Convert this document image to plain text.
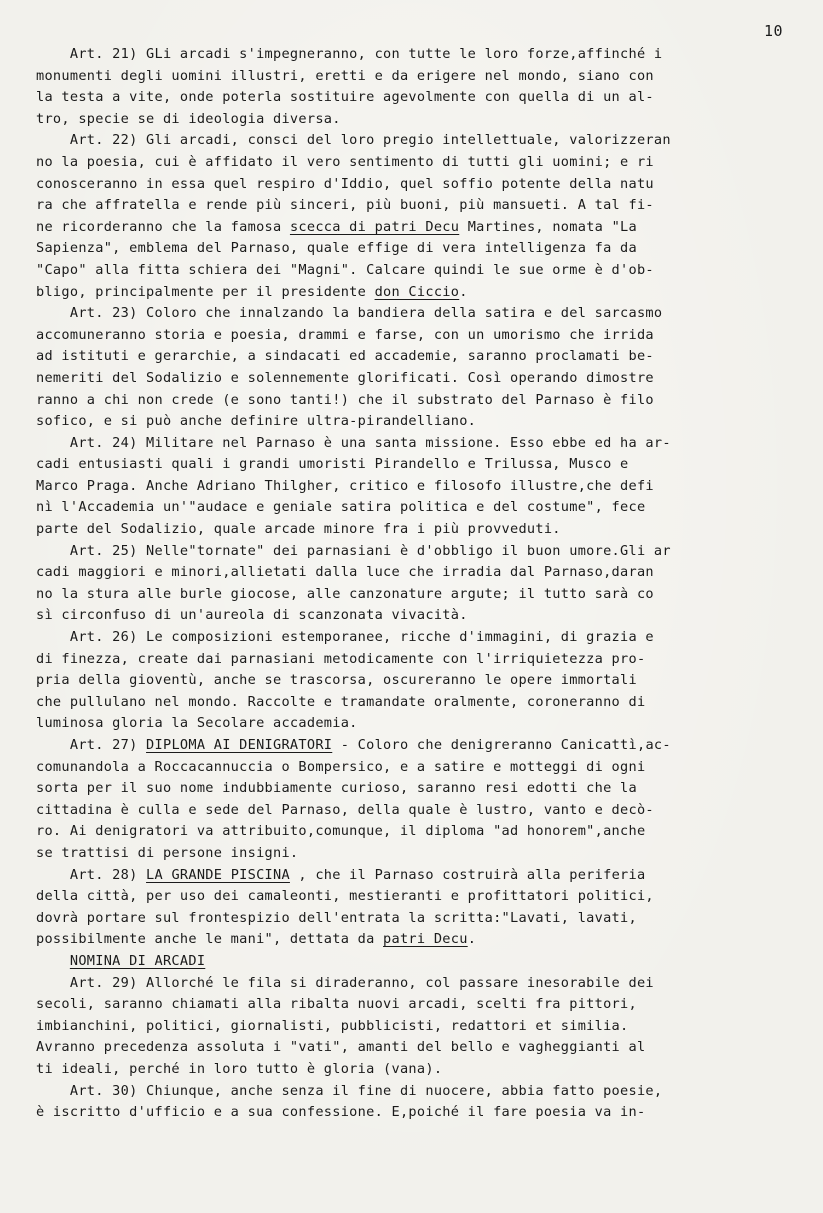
10
Art. 21) GLi arcadi s'impegneranno, con tutte le loro forze,affinché i
monumenti degli uomini illustri, eretti e da erigere nel mondo, siano con
la testa a vite, onde poterla sostituire agevolmente con quella di un al-
tro, specie se di ideologia diversa.
Art. 22) Gli arcadi, consci del loro pregio intellettuale, valorizzeran
no la poesia, cui è affidato il vero sentimento di tutti gli uomini; e ri
conosceranno in essa quel respiro d'Iddio, quel soffio potente della natu
ra che affratella e rende più sinceri, più buoni, più mansueti. A tal fi-
ne ricorderanno che la famosa scecca di patri Decu Martines, nomata "La
Sapienza", emblema del Parnaso, quale effige di vera intelligenza fa da
"Capo" alla fitta schiera dei "Magni". Calcare quindi le sue orme è d'ob-
bligo, principalmente per il presidente don Ciccio.
Art. 23) Coloro che innalzando la bandiera della satira e del sarcasmo
accomuneranno storia e poesia, drammi e farse, con un umorismo che irrida
ad istituti e gerarchie, a sindacati ed accademie, saranno proclamati be-
nemeriti del Sodalizio e solennemente glorificati. Così operando dimostre
ranno a chi non crede (e sono tanti!) che il substrato del Parnaso è filo
sofico, e si può anche definire ultra-pirandelliano.
Art. 24) Militare nel Parnaso è una santa missione. Esso ebbe ed ha ar-
cadi entusiasti quali i grandi umoristi Pirandello e Trilussa, Musco e
Marco Praga. Anche Adriano Thilgher, critico e filosofo illustre,che defi
nì l'Accademia un'"audace e geniale satira politica e del costume", fece
parte del Sodalizio, quale arcade minore fra i più provveduti.
Art. 25) Nelle"tornate" dei parnasiani è d'obbligo il buon umore.Gli ar
cadi maggiori e minori,allietati dalla luce che irradia dal Parnaso,daran
no la stura alle burle giocose, alle canzonature argute; il tutto sarà co
sì circonfuso di un'aureola di scanzonata vivacità.
Art. 26) Le composizioni estemporanee, ricche d'immagini, di grazia e
di finezza, create dai parnasiani metodicamente con l'irriquietezza pro-
pria della gioventù, anche se trascorsa, oscureranno le opere immortali
che pullulano nel mondo. Raccolte e tramandate oralmente, coroneranno di
luminosa gloria la Secolare accademia.
Art. 27) DIPLOMA AI DENIGRATORI - Coloro che denigreranno Canicattì,ac-
comunandola a Roccacannuccia o Bompersico, e a satire e motteggi di ogni
sorta per il suo nome indubbiamente curioso, saranno resi edotti che la
cittadina è culla e sede del Parnaso, della quale è lustro, vanto e decò-
ro. Ai denigratori va attribuito,comunque, il diploma "ad honorem",anche
se trattisi di persone insigni.
Art. 28) LA GRANDE PISCINA , che il Parnaso costruirà alla periferia
della città, per uso dei camaleonti, mestieranti e profittatori politici,
dovrà portare sul frontespizio dell'entrata la scritta:"Lavati, lavati,
possibilmente anche le mani", dettata da patri Decu.
NOMINA DI ARCADI
Art. 29) Allorché le fila si diraderanno, col passare inesorabile dei
secoli, saranno chiamati alla ribalta nuovi arcadi, scelti fra pittori,
imbianchini, politici, giornalisti, pubblicisti, redattori et similia.
Avranno precedenza assoluta i "vati", amanti del bello e vagheggianti al
ti ideali, perché in loro tutto è gloria (vana).
Art. 30) Chiunque, anche senza il fine di nuocere, abbia fatto poesie,
è iscritto d'ufficio e a sua confessione. E,poiché il fare poesia va in-
